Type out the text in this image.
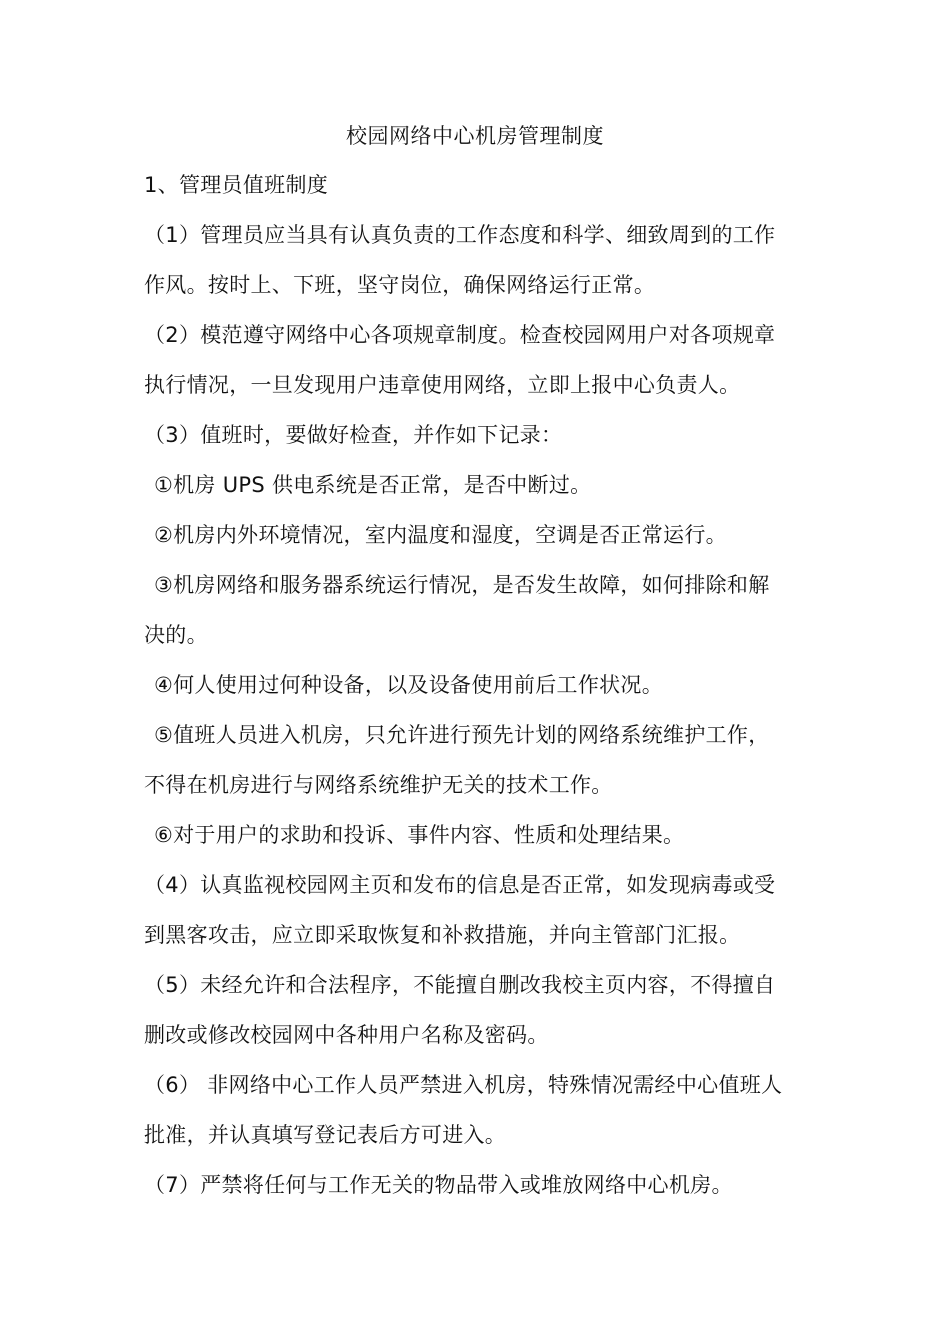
校园网络中心机房管理制度
1、管理员值班制度
（1）管理员应当具有认真负责的工作态度和科学、细致周到的工作
作风。按时上、下班，坚守岗位，确保网络运行正常。
（2）模范遵守网络中心各项规章制度。检查校园网用户对各项规章
执行情况，一旦发现用户违章使用网络，立即上报中心负责人。
（3）值班时，要做好检查，并作如下记录：
①机房 UPS 供电系统是否正常，是否中断过。
②机房内外环境情况，室内温度和湿度，空调是否正常运行。
③机房网络和服务器系统运行情况，是否发生故障，如何排除和解
决的。
④何人使用过何种设备，以及设备使用前后工作状况。
⑤值班人员进入机房，只允许进行预先计划的网络系统维护工作，
不得在机房进行与网络系统维护无关的技术工作。
⑥对于用户的求助和投诉、事件内容、性质和处理结果。
（4）认真监视校园网主页和发布的信息是否正常，如发现病毒或受
到黑客攻击，应立即采取恢复和补救措施，并向主管部门汇报。
（5）未经允许和合法程序，不能擅自删改我校主页内容，不得擅自
删改或修改校园网中各种用户名称及密码。
（6） 非网络中心工作人员严禁进入机房，特殊情况需经中心值班人
批准，并认真填写登记表后方可进入。
（7）严禁将任何与工作无关的物品带入或堆放网络中心机房。
